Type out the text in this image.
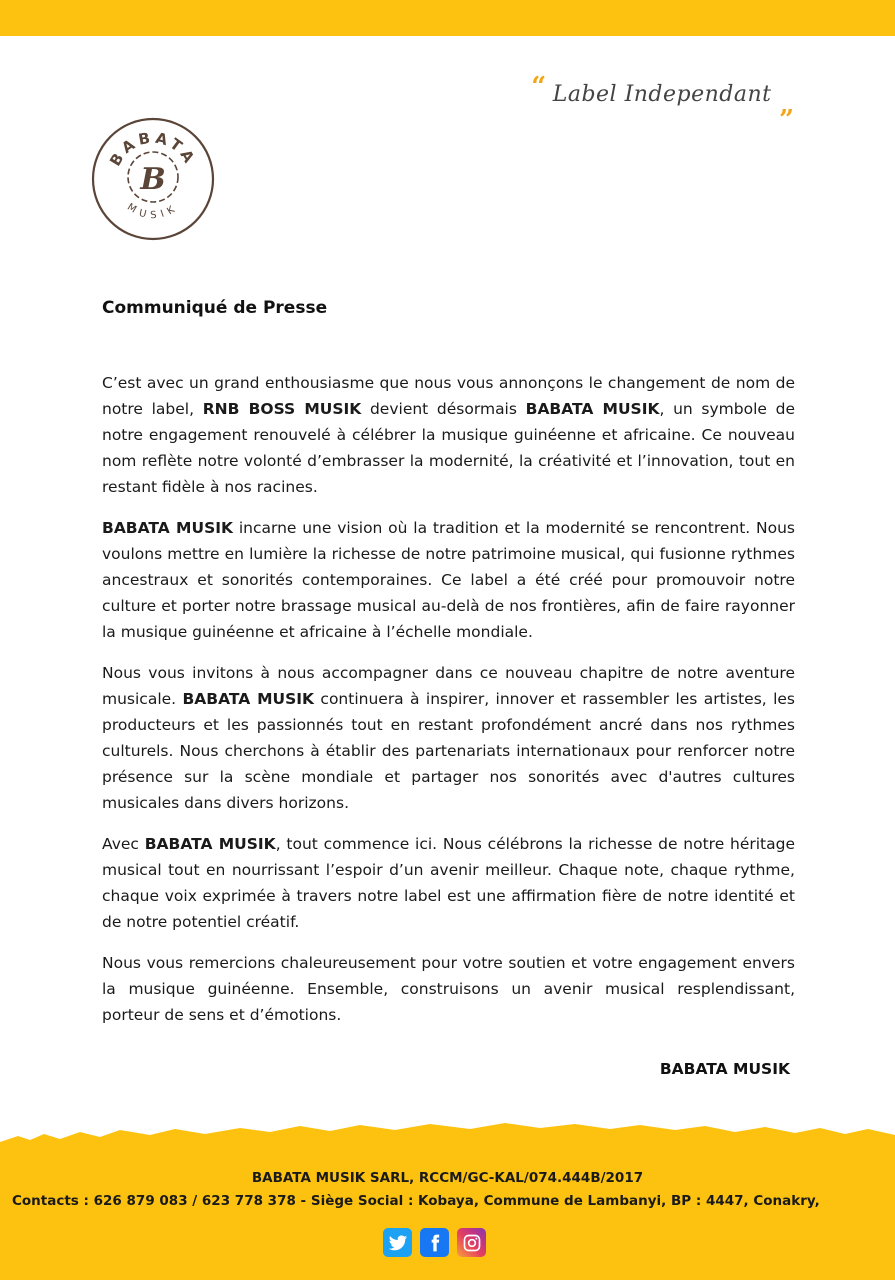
“ Label Independant „
BABATA
MUSIK
B
Communiqué de Presse

C’est avec un grand enthousiasme que nous vous annonçons le changement de nom de notre label, RNB BOSS MUSIK devient désormais BABATA MUSIK, un symbole de notre engagement renouvelé à célébrer la musique guinéenne et africaine. Ce nouveau nom reflète notre volonté d’embrasser la modernité, la créativité et l’innovation, tout en restant fidèle à nos racines.

BABATA MUSIK incarne une vision où la tradition et la modernité se rencontrent. Nous voulons mettre en lumière la richesse de notre patrimoine musical, qui fusionne rythmes ancestraux et sonorités contemporaines. Ce label a été créé pour promouvoir notre culture et porter notre brassage musical au-delà de nos frontières, afin de faire rayonner la musique guinéenne et africaine à l’échelle mondiale.

Nous vous invitons à nous accompagner dans ce nouveau chapitre de notre aventure musicale. BABATA MUSIK continuera à inspirer, innover et rassembler les artistes, les producteurs et les passionnés tout en restant profondément ancré dans nos rythmes culturels. Nous cherchons à établir des partenariats internationaux pour renforcer notre présence sur la scène mondiale et partager nos sonorités avec d'autres cultures musicales dans divers horizons.

Avec BABATA MUSIK, tout commence ici. Nous célébrons la richesse de notre héritage musical tout en nourrissant l’espoir d’un avenir meilleur. Chaque note, chaque rythme, chaque voix exprimée à travers notre label est une affirmation fière de notre identité et de notre potentiel créatif.

Nous vous remercions chaleureusement pour votre soutien et votre engagement envers la musique guinéenne. Ensemble, construisons un avenir musical resplendissant, porteur de sens et d’émotions.

BABATA MUSIK
BABATA MUSIK SARL, RCCM/GC-KAL/074.444B/2017
Contacts : 626 879 083 / 623 778 378 - Siège Social : Kobaya, Commune de Lambanyi, BP : 4447, Conakry,
